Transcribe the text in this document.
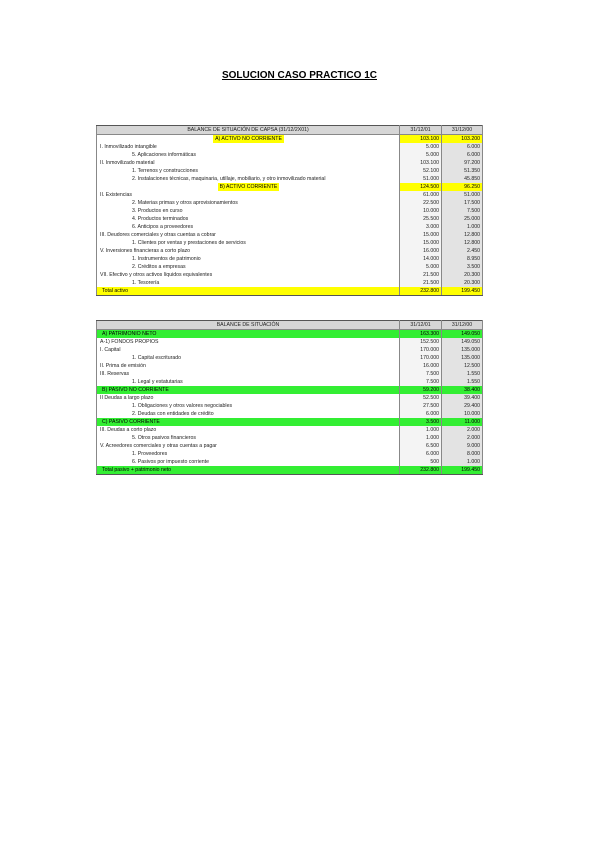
SOLUCION CASO PRACTICO 1C
BALANCE DE SITUACIÓN DE CAPSA (31/12/2X01)	31/12/01	31/12/00
A) ACTIVO NO CORRIENTE	103.100	103.200
I. Inmovilizado intangible	5.000	6.000
5. Aplicaciones informáticas	5.000	6.000
II. Inmovilizado material	103.100	97.200
1. Terrenos y construcciones	52.100	51.350
2. Instalaciones técnicas, maquinaria, utillaje, mobiliario, y otro inmovilizado material	51.000	45.850
B) ACTIVO CORRIENTE	124.500	96.250
II. Existencias	61.000	51.000
2. Materias primas y otros aprovisionamientos	22.500	17.500
3. Productos en curso	10.000	7.500
4. Productos terminados	25.500	25.000
6. Anticipos a proveedores	3.000	1.000
III. Deudores comerciales y otras cuentas a cobrar	15.000	12.800
1. Clientes por ventas y prestaciones de servicios	15.000	12.800
V. Inversiones financieras a corto plazo	16.000	2.450
1. Instrumentos de patrimonio	14.000	8.950
2. Créditos a empresas	5.000	3.500
VII. Efectivo y otros activos líquidos equivalentes	21.500	20.300
1. Tesorería	21.500	20.300
Total activo	232.800	199.450
BALANCE DE SITUACIÓN	31/12/01	31/12/00
A) PATRIMONIO NETO	163.300	149.050
A-1) FONDOS PROPIOS	152.500	149.050
I. Capital	170.000	135.000
1. Capital escriturado	170.000	135.000
II. Prima de emisión	16.000	12.500
III. Reservas	7.500	1.550
1. Legal y estatutarias	7.500	1.550
B) PASIVO NO CORRIENTE	59.200	38.400
II Deudas a largo plazo	52.500	39.400
1. Obligaciones y otros valores negociables	27.500	29.400
2. Deudas con entidades de crédito	6.000	10.000
C) PASIVO CORRIENTE	3.500	11.000
III. Deudas a corto plazo	1.000	2.000
5. Otros pasivos financieros	1.000	2.000
V. Acreedores comerciales y otras cuentas a pagar	6.500	9.000
1. Proveedores	6.000	8.000
6. Pasivos por impuesto corriente	500	1.000
Total pasivo + patrimonio neto	232.800	199.450
